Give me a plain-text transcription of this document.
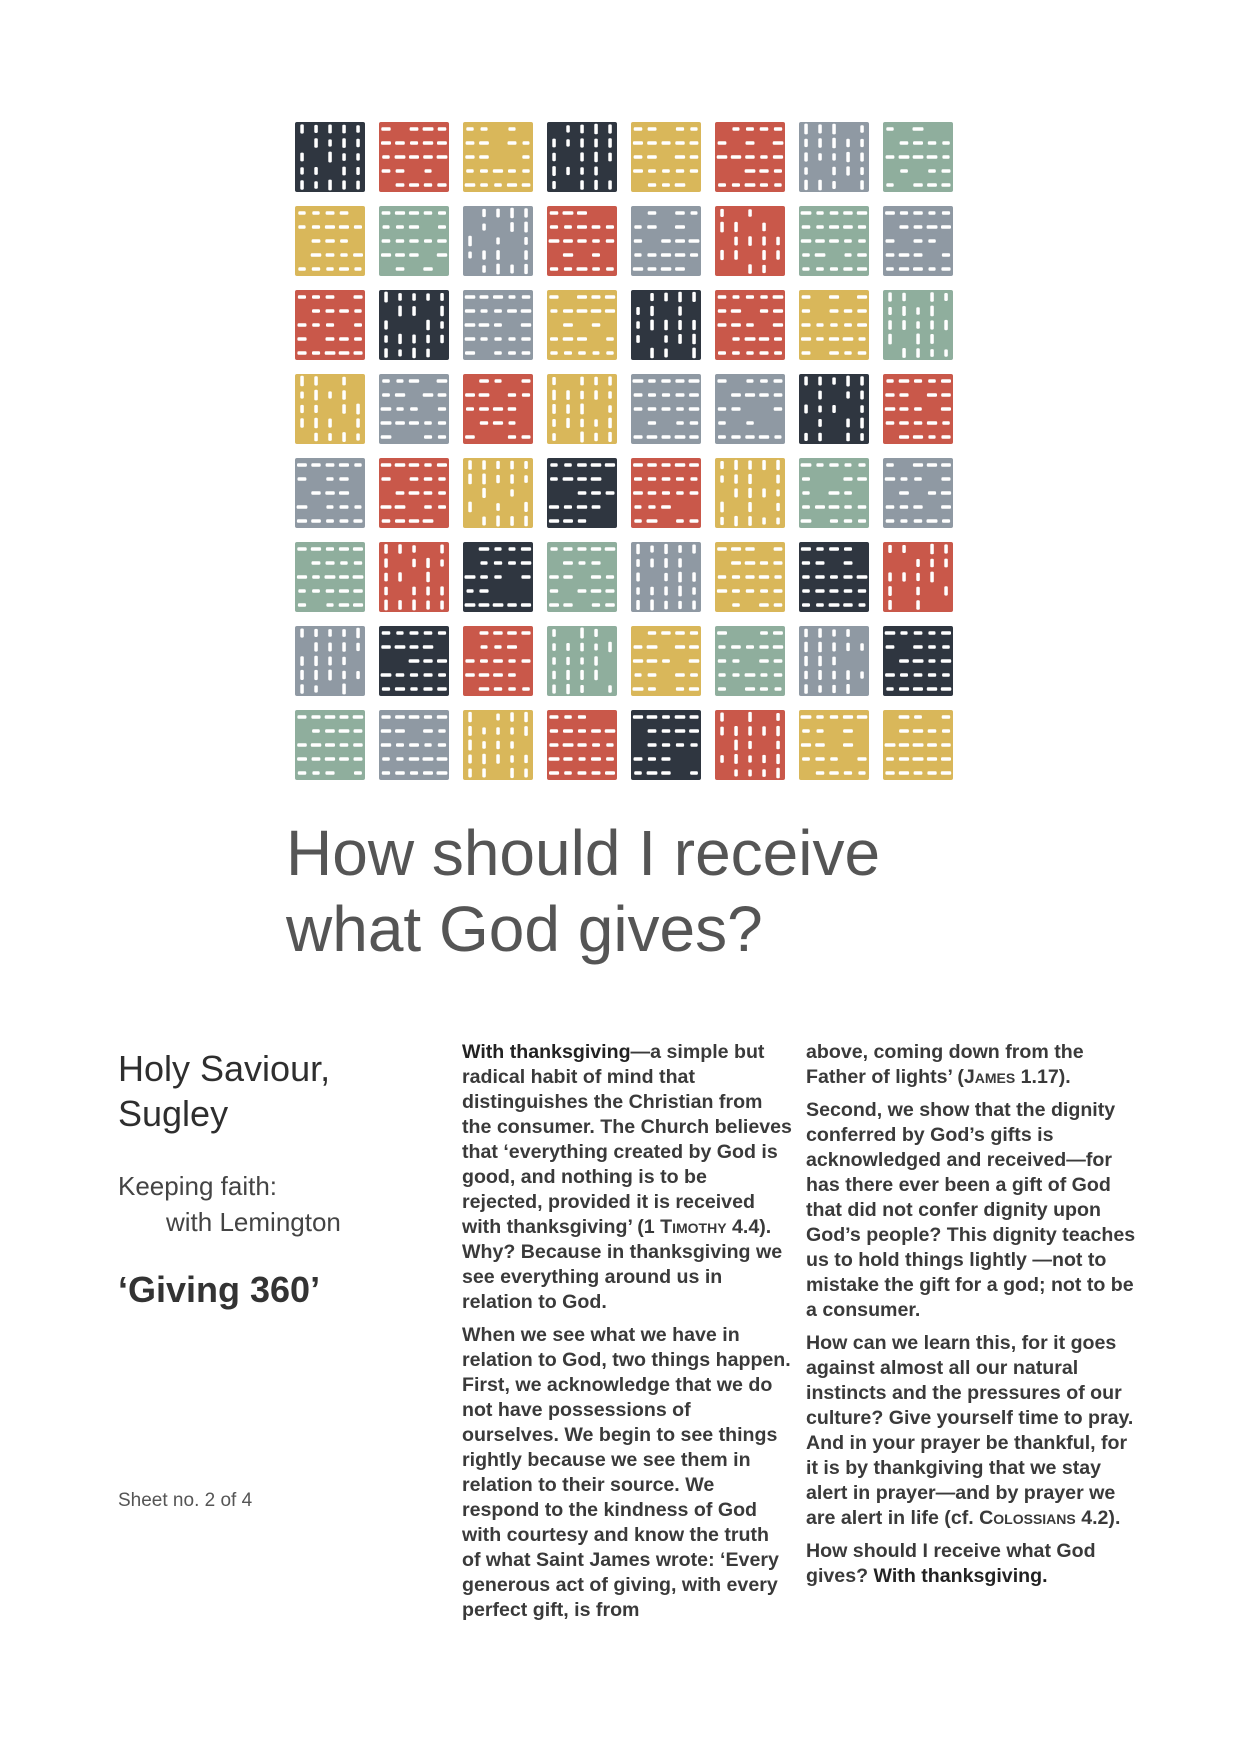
How should I receive
what God gives?
Holy Saviour,
Sugley
Keeping faith:
with Lemington
‘Giving 360’
Sheet no. 2 of 4

With thanksgiving—a simple but radical habit of mind that distinguishes the Christian from the consumer. The Church believes that ‘everything created by God is good, and nothing is to be rejected, provided it is received with thanksgiving’ (1 Timothy 4.4). Why? Because in thanksgiving we see everything around us in relation to God.

When we see what we have in relation to God, two things happen. First, we acknowledge that we do not have possessions of ourselves. We begin to see things rightly because we see them in relation to their source. We respond to the kindness of God with courtesy and know the truth of what Saint James wrote: ‘Every generous act of giving, with every perfect gift, is from

above, coming down from the Father of lights’ (James 1.17).

Second, we show that the dignity conferred by God’s gifts is acknowledged and received—for has there ever been a gift of God that did not confer dignity upon God’s people? This dignity teaches us to hold things lightly —not to mistake the gift for a god; not to be a consumer.

How can we learn this, for it goes against almost all our natural instincts and the pressures of our culture? Give yourself time to pray. And in your prayer be thankful, for it is by thankgiving that we stay alert in prayer—and by prayer we are alert in life (cf. Colossians 4.2).

How should I receive what God gives? With thanksgiving.
